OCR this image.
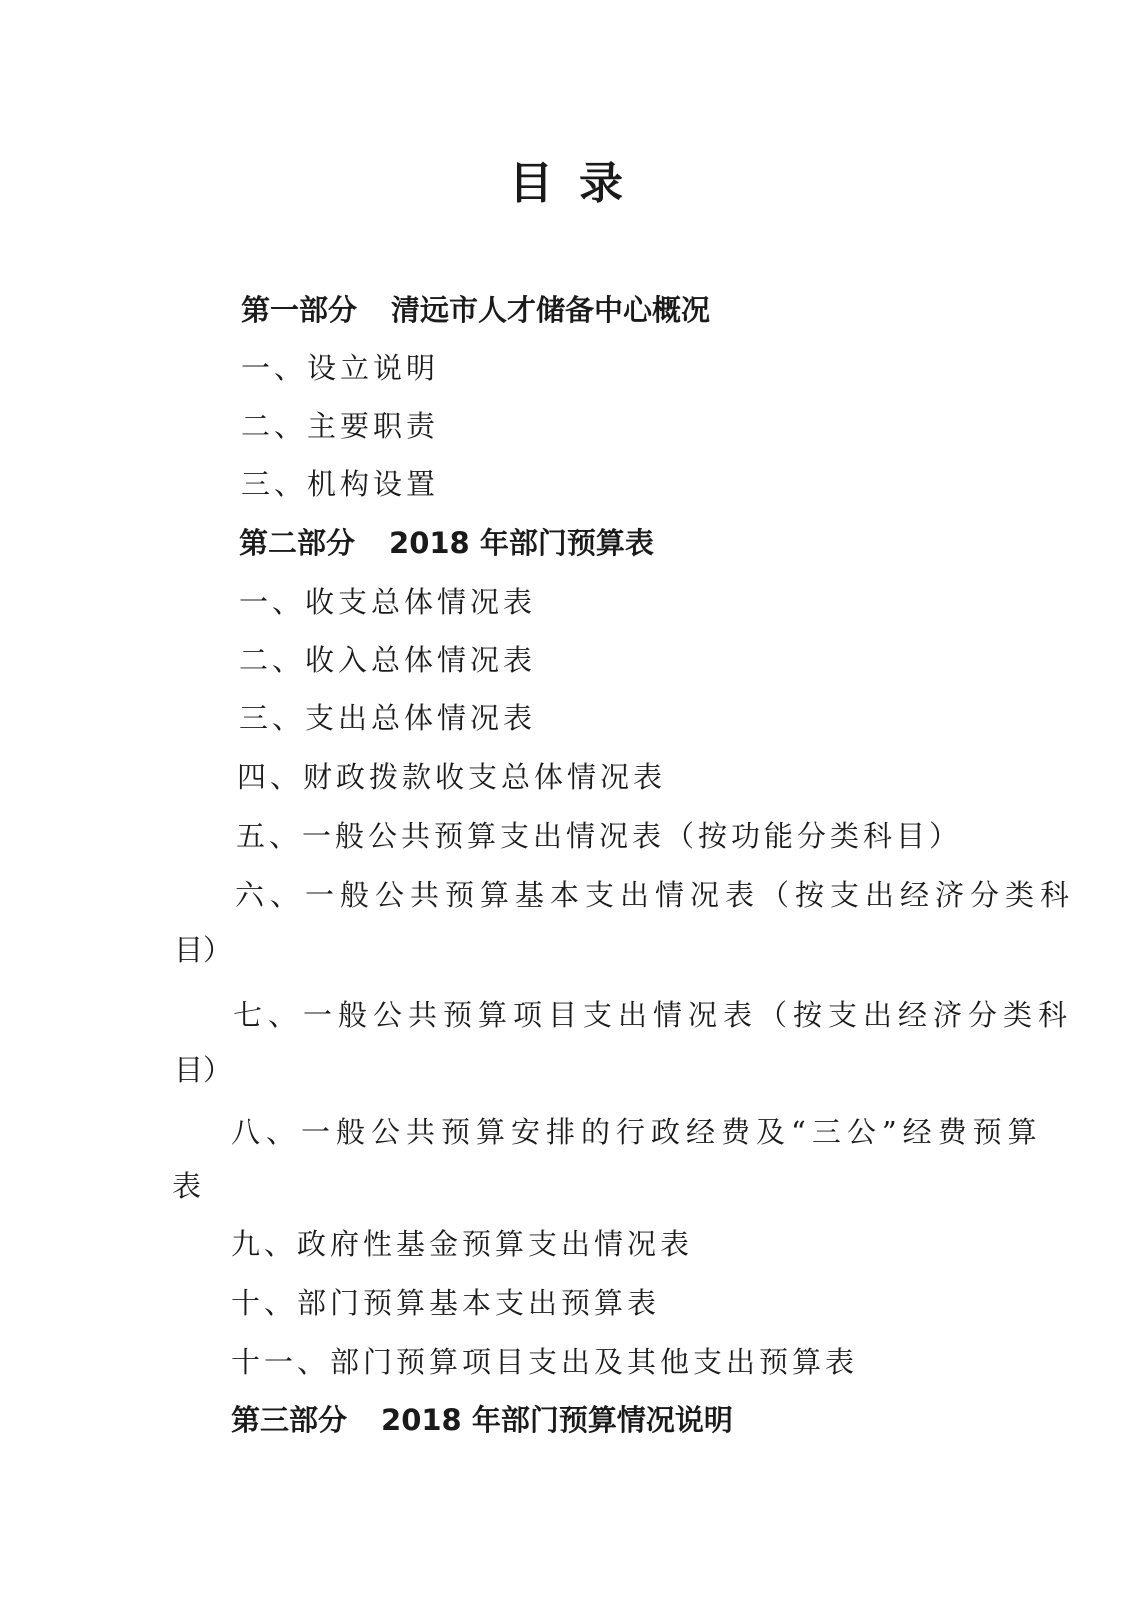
目录
第一部分 清远市人才储备中心概况
一、设立说明
二、主要职责
三、机构设置
第二部分 2018 年部门预算表
一、收支总体情况表
二、收入总体情况表
三、支出总体情况表
四、财政拨款收支总体情况表
五、一般公共预算支出情况表（按功能分类科目）
六、一般公共预算基本支出情况表（按支出经济分类科
目）
七、一般公共预算项目支出情况表（按支出经济分类科
目）
八、一般公共预算安排的行政经费及“三公”经费预算
表
九、政府性基金预算支出情况表
十、部门预算基本支出预算表
十一、部门预算项目支出及其他支出预算表
第三部分 2018 年部门预算情况说明
